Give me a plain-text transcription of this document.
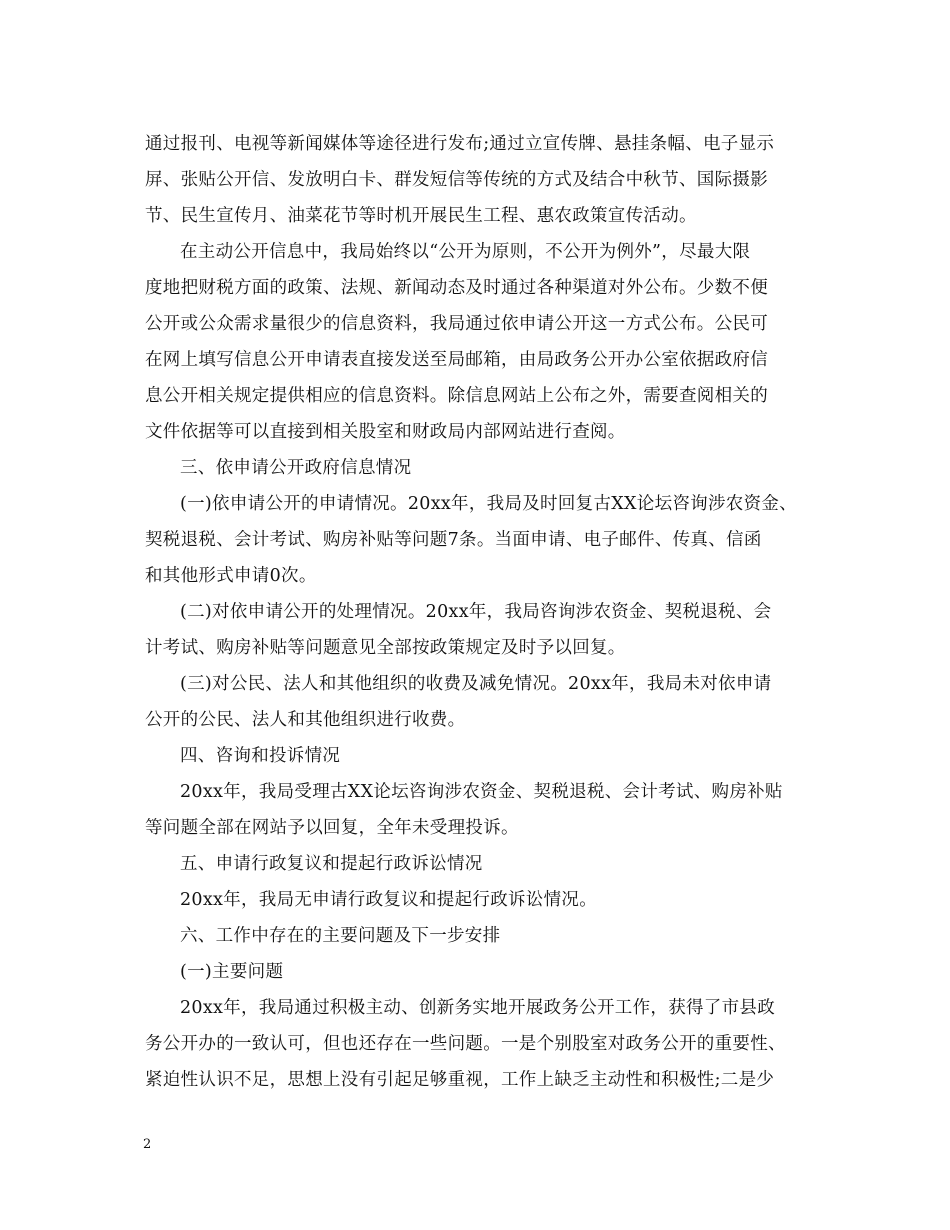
通过报刊、电视等新闻媒体等途径进行发布;通过立宣传牌、悬挂条幅、电子显示
屏、张贴公开信、发放明白卡、群发短信等传统的方式及结合中秋节、国际摄影
节、民生宣传月、油菜花节等时机开展民生工程、惠农政策宣传活动。
在主动公开信息中，我局始终以“公开为原则，不公开为例外”，尽最大限
度地把财税方面的政策、法规、新闻动态及时通过各种渠道对外公布。少数不便
公开或公众需求量很少的信息资料，我局通过依申请公开这一方式公布。公民可
在网上填写信息公开申请表直接发送至局邮箱，由局政务公开办公室依据政府信
息公开相关规定提供相应的信息资料。除信息网站上公布之外，需要查阅相关的
文件依据等可以直接到相关股室和财政局内部网站进行查阅。
三、依申请公开政府信息情况
(一)依申请公开的申请情况。20xx年，我局及时回复古XX论坛咨询涉农资金、
契税退税、会计考试、购房补贴等问题7条。当面申请、电子邮件、传真、信函
和其他形式申请0次。
(二)对依申请公开的处理情况。20xx年，我局咨询涉农资金、契税退税、会
计考试、购房补贴等问题意见全部按政策规定及时予以回复。
(三)对公民、法人和其他组织的收费及减免情况。20xx年，我局未对依申请
公开的公民、法人和其他组织进行收费。
四、咨询和投诉情况
20xx年，我局受理古XX论坛咨询涉农资金、契税退税、会计考试、购房补贴
等问题全部在网站予以回复，全年未受理投诉。
五、申请行政复议和提起行政诉讼情况
20xx年，我局无申请行政复议和提起行政诉讼情况。
六、工作中存在的主要问题及下一步安排
(一)主要问题
20xx年，我局通过积极主动、创新务实地开展政务公开工作，获得了市县政
务公开办的一致认可，但也还存在一些问题。一是个别股室对政务公开的重要性、
紧迫性认识不足，思想上没有引起足够重视，工作上缺乏主动性和积极性;二是少
2
